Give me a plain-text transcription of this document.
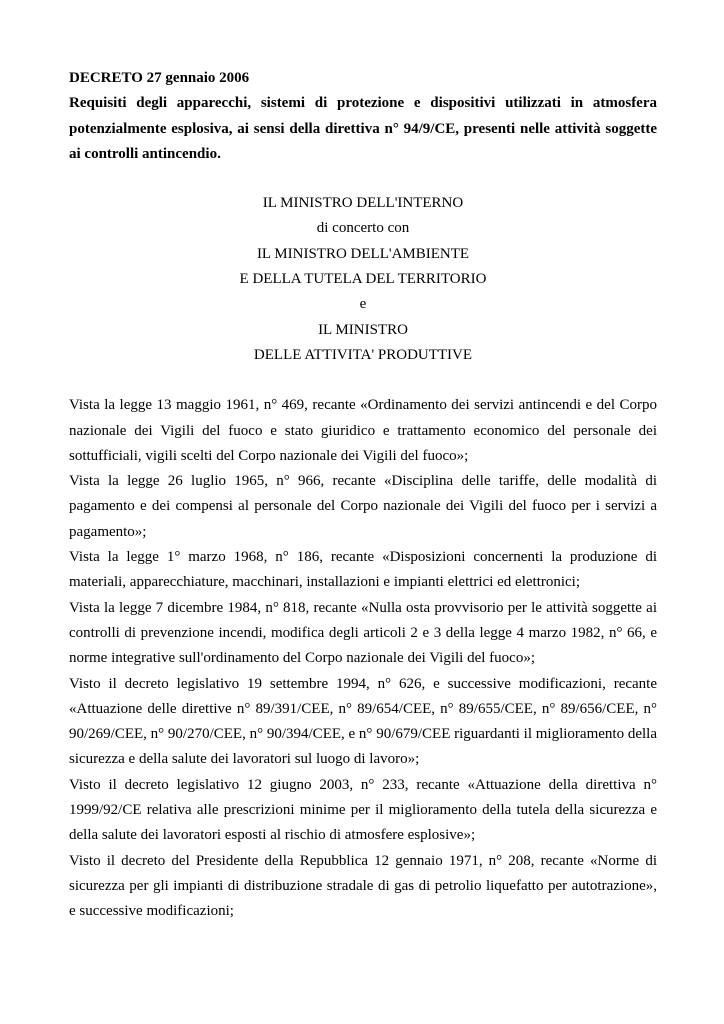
DECRETO 27 gennaio 2006
Requisiti degli apparecchi, sistemi di protezione e dispositivi utilizzati in atmosfera potenzialmente esplosiva, ai sensi della direttiva n° 94/9/CE, presenti nelle attività soggette ai controlli antincendio.
IL MINISTRO DELL'INTERNO
di concerto con
IL MINISTRO DELL'AMBIENTE
E DELLA TUTELA DEL TERRITORIO
e
IL MINISTRO
DELLE ATTIVITA' PRODUTTIVE
Vista la legge 13 maggio 1961, n° 469, recante «Ordinamento dei servizi antincendi e del Corpo nazionale dei Vigili del fuoco e stato giuridico e trattamento economico del personale dei sottufficiali, vigili scelti del Corpo nazionale dei Vigili del fuoco»;
Vista la legge 26 luglio 1965, n° 966, recante «Disciplina delle tariffe, delle modalità di pagamento e dei compensi al personale del Corpo nazionale dei Vigili del fuoco per i servizi a pagamento»;
Vista la legge 1° marzo 1968, n° 186, recante «Disposizioni concernenti la produzione di materiali, apparecchiature, macchinari, installazioni e impianti elettrici ed elettronici;
Vista la legge 7 dicembre 1984, n° 818, recante «Nulla osta provvisorio per le attività soggette ai controlli di prevenzione incendi, modifica degli articoli 2 e 3 della legge 4 marzo 1982, n° 66, e norme integrative sull'ordinamento del Corpo nazionale dei Vigili del fuoco»;
Visto il decreto legislativo 19 settembre 1994, n° 626, e successive modificazioni, recante «Attuazione delle direttive n° 89/391/CEE, n° 89/654/CEE, n° 89/655/CEE, n° 89/656/CEE, n° 90/269/CEE, n° 90/270/CEE, n° 90/394/CEE, e n° 90/679/CEE riguardanti il miglioramento della sicurezza e della salute dei lavoratori sul luogo di lavoro»;
Visto il decreto legislativo 12 giugno 2003, n° 233, recante «Attuazione della direttiva n° 1999/92/CE relativa alle prescrizioni minime per il miglioramento della tutela della sicurezza e della salute dei lavoratori esposti al rischio di atmosfere esplosive»;
Visto il decreto del Presidente della Repubblica 12 gennaio 1971, n° 208, recante «Norme di sicurezza per gli impianti di distribuzione stradale di gas di petrolio liquefatto per autotrazione», e successive modificazioni;
